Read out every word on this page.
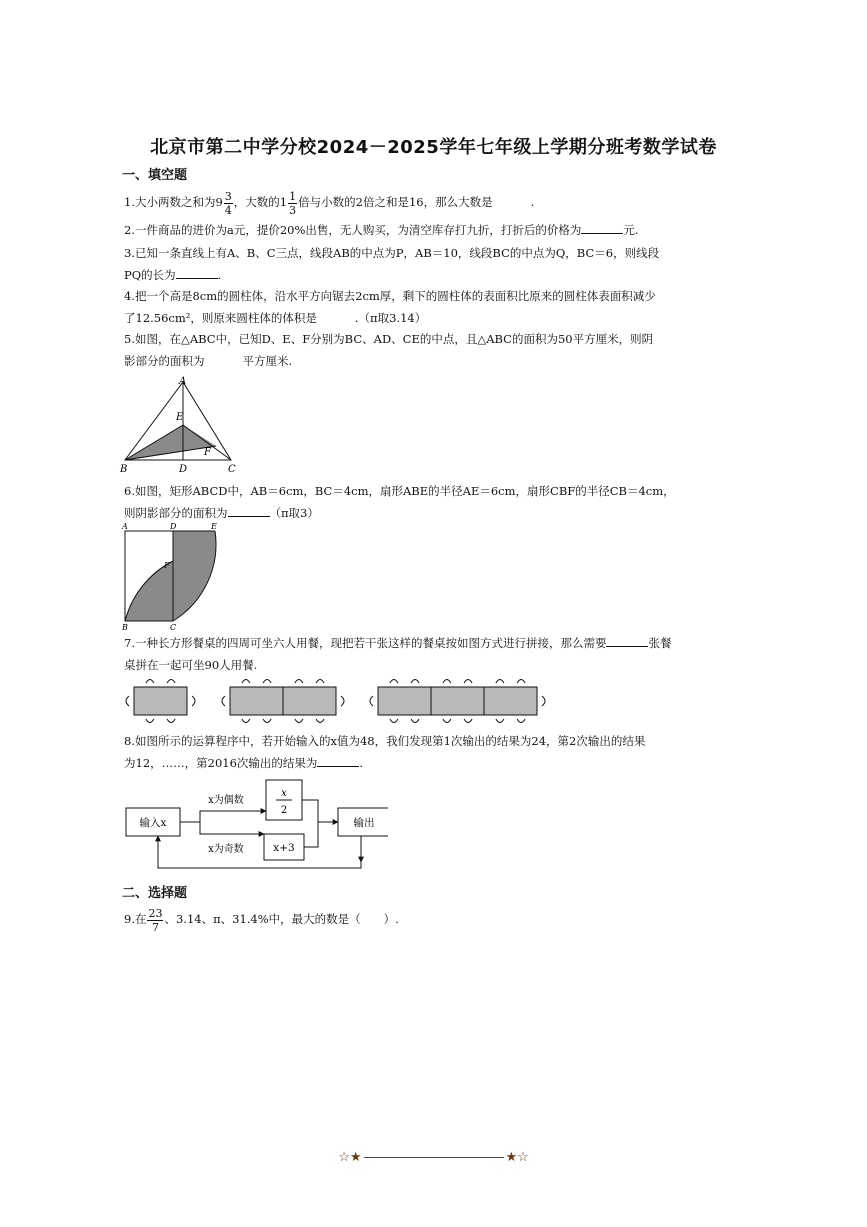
北京市第二中学分校2024－2025学年七年级上学期分班考数学试卷
一、填空题
1.大小两数之和为$9 \frac{3}{4}$ ，大数的$1 \frac{1}{3}$ 倍与小数的2倍之和是16，那么大数是	.
2.一件商品的进价为a元，提价20%出售，无人购买，为清空库存打九折，打折后的价格为	元.
3.已知一条直线上有A、B、C三点，线段AB的中点为P，AB＝10，线段BC的中点为Q，BC＝6，则线段
PQ的长为	.
4.把一个高是8cm的圆柱体，沿水平方向锯去2cm厚，剩下的圆柱体的表面积比原来的圆柱体表面积减少
了12.56cm²，则原来圆柱体的体积是	.（π取3.14）
5.如图，在△ABC中，已知D、E、F分别为BC、AD、CE的中点，且△ABC的面积为50平方厘米，则阴
影部分的面积为	平方厘米.
A
B	C
D
E
F
6.如图，矩形ABCD中，AB＝6cm，BC＝4cm，扇形ABE的半径AE＝6cm，扇形CBF的半径CB＝4cm，
则阴影部分的面积为	（π取3）
A	D	E
F
B	C
7.一种长方形餐桌的四周可坐六人用餐，现把若干张这样的餐桌按如图方式进行拼接，那么需要	张餐
桌拼在一起可坐90人用餐.
8.如图所示的运算程序中，若开始输入的x值为48，我们发现第1次输出的结果为24，第2次输出的结果
为12，……，第2016次输出的结果为	.
输入x
x
2
x+3
输出
x为偶数
x为奇数
二、选择题
9.在 $\frac{23}{7}$ 、3.14、π、31.4%中，最大的数是（　　）.
☆★	★☆
